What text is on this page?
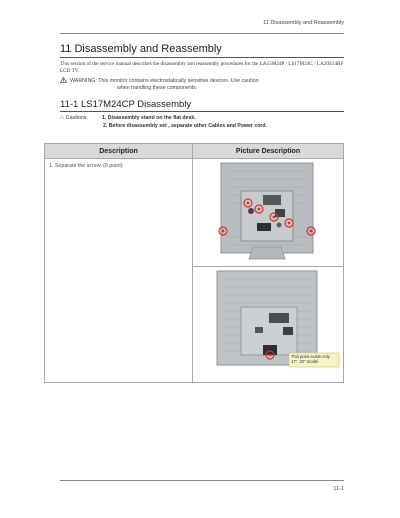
11 Disassembly and Reassembly
11 Disassembly and Reassembly
This section of the service manual describes the disassembly and reassembly procedures for the LA15M24P / LS17M24C / LA20S14RF LCD TV.
WARNING: This monitor contains electrostatically sensitive devices. Use caution
when handling these components.
11-1 LS17M24CP Disassembly
∴ Cautions:	1. Disassembly stand on the flat desk.
2. Before disassembly set , separate other Cables and Power cord.
Description	Picture Description

1. Separate the screw. (6 point)

	This point exists only 17", 20" model
11-1
